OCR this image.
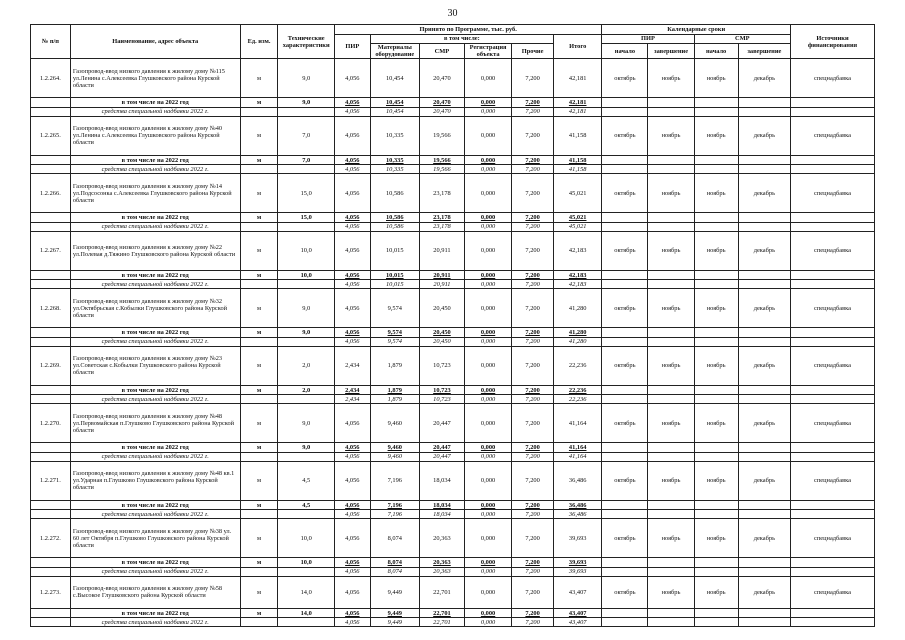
30
№ п/п	Наименование, адрес объекта	Ед. изм.	Технические характеристики	Принято по Программе, тыс. руб.						Календарные сроки				Источники финансирования
				ПИР	в том числе:				Итого	ПИР		СМР		
					Материалы оборудование	СМР	Регистрация объекта	Прочие		начало	завершение	начало	завершение	
1.2.264.	Газопровод-ввод низкого давления к жилому дому №115 ул.Ленина с.Алексеевка Глушковского района Курской области	м	9,0	4,056	10,454	20,470	0,000	7,200	42,181	октябрь	ноябрь	ноябрь	декабрь	спецнадбавка
	в том числе на 2022 год	м	9,0	4,056	10,454	20,470	0,000	7,200	42,181					
	средства специальной надбавки 2022 г.			4,056	10,454	20,470	0,000	7,200	42,181					
1.2.265.	Газопровод-ввод низкого давления к жилому дому №40 ул.Ленина с.Алексеевка Глушковского района Курской области	м	7,0	4,056	10,335	19,566	0,000	7,200	41,158	октябрь	ноябрь	ноябрь	декабрь	спецнадбавка
	в том числе на 2022 год	м	7,0	4,056	10,335	19,566	0,000	7,200	41,158					
	средства специальной надбавки 2022 г.			4,056	10,335	19,566	0,000	7,200	41,158					
1.2.266.	Газопровод-ввод низкого давления к жилому дому №14 ул.Подсосонка с.Алексеевка Глушковского района Курской области	м	15,0	4,056	10,586	23,178	0,000	7,200	45,021	октябрь	ноябрь	ноябрь	декабрь	спецнадбавка
	в том числе на 2022 год	м	15,0	4,056	10,586	23,178	0,000	7,200	45,021					
	средства специальной надбавки 2022 г.			4,056	10,586	23,178	0,000	7,200	45,021					
1.2.267.	Газопровод-ввод низкого давления к жилому дому №22 ул.Полевая д.Тяжино Глушковского района Курской области	м	10,0	4,056	10,015	20,911	0,000	7,200	42,183	октябрь	ноябрь	ноябрь	декабрь	спецнадбавка
	в том числе на 2022 год	м	10,0	4,056	10,015	20,911	0,000	7,200	42,183					
	средства специальной надбавки 2022 г.			4,056	10,015	20,911	0,000	7,200	42,183					
1.2.268.	Газопровод-ввод низкого давления к жилому дому №32 ул.Октябрьская с.Кобылки Глушковского района Курской области	м	9,0	4,056	9,574	20,450	0,000	7,200	41,280	октябрь	ноябрь	ноябрь	декабрь	спецнадбавка
	в том числе на 2022 год	м	9,0	4,056	9,574	20,450	0,000	7,200	41,280					
	средства специальной надбавки 2022 г.			4,056	9,574	20,450	0,000	7,200	41,280					
1.2.269.	Газопровод-ввод низкого давления к жилому дому №23 ул.Советская с.Кобылки Глушковского района Курской области	м	2,0	2,434	1,879	10,723	0,000	7,200	22,236	октябрь	ноябрь	ноябрь	декабрь	спецнадбавка
	в том числе на 2022 год	м	2,0	2,434	1,879	10,723	0,000	7,200	22,236					
	средства специальной надбавки 2022 г.			2,434	1,879	10,723	0,000	7,200	22,236					
1.2.270.	Газопровод-ввод низкого давления к жилому дому №48 ул.Первомайская п.Глушково Глушковского района Курской области	м	9,0	4,056	9,460	20,447	0,000	7,200	41,164	октябрь	ноябрь	ноябрь	декабрь	спецнадбавка
	в том числе на 2022 год	м	9,0	4,056	9,460	20,447	0,000	7,200	41,164					
	средства специальной надбавки 2022 г.			4,056	9,460	20,447	0,000	7,200	41,164					
1.2.271.	Газопровод-ввод низкого давления к жилому дому №48 кв.1 ул.Ударная п.Глушково Глушковского района Курской области	м	4,5	4,056	7,196	18,034	0,000	7,200	36,486	октябрь	ноябрь	ноябрь	декабрь	спецнадбавка
	в том числе на 2022 год	м	4,5	4,056	7,196	18,034	0,000	7,200	36,486					
	средства специальной надбавки 2022 г.			4,056	7,196	18,034	0,000	7,200	36,486					
1.2.272.	Газопровод-ввод низкого давления к жилому дому №38 ул. 60 лет Октября п.Глушково Глушковского района Курской области	м	10,0	4,056	8,074	20,363	0,000	7,200	39,693	октябрь	ноябрь	ноябрь	декабрь	спецнадбавка
	в том числе на 2022 год	м	10,0	4,056	8,074	20,363	0,000	7,200	39,693					
	средства специальной надбавки 2022 г.			4,056	8,074	20,363	0,000	7,200	39,693					
1.2.273.	Газопровод-ввод низкого давления к жилому дому №58 с.Высокое Глушковского района Курской области	м	14,0	4,056	9,449	22,701	0,000	7,200	43,407	октябрь	ноябрь	ноябрь	декабрь	спецнадбавка
	в том числе на 2022 год	м	14,0	4,056	9,449	22,701	0,000	7,200	43,407					
	средства специальной надбавки 2022 г.			4,056	9,449	22,701	0,000	7,200	43,407					
